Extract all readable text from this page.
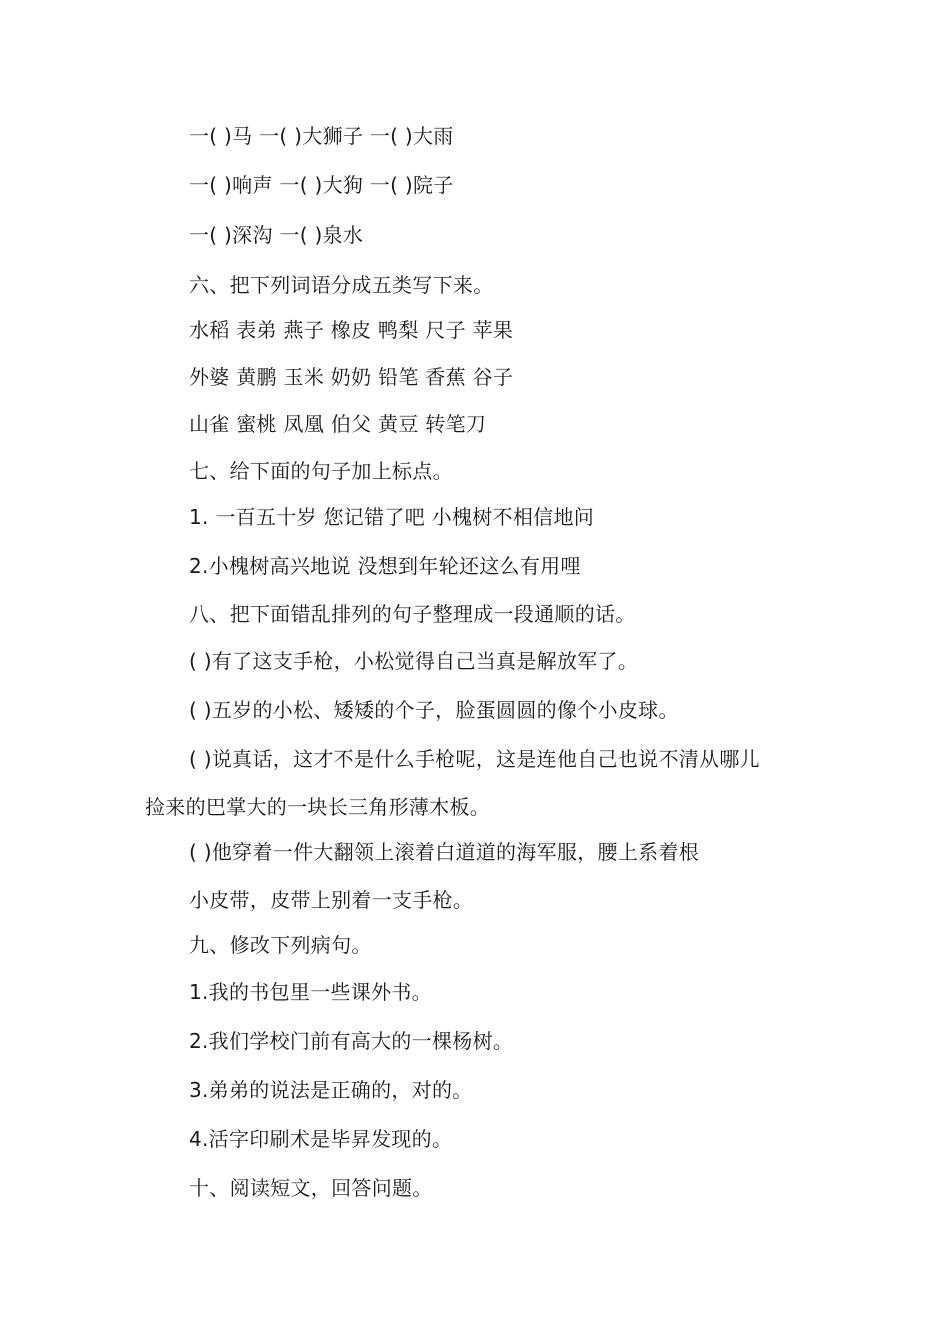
一( )马 一( )大狮子 一( )大雨
一( )响声 一( )大狗 一( )院子
一( )深沟 一( )泉水
六、把下列词语分成五类写下来。
水稻 表弟 燕子 橡皮 鸭梨 尺子 苹果
外婆 黄鹏 玉米 奶奶 铅笔 香蕉 谷子
山雀 蜜桃 凤凰 伯父 黄豆 转笔刀
七、给下面的句子加上标点。
1. 一百五十岁 您记错了吧 小槐树不相信地问
2.小槐树高兴地说 没想到年轮还这么有用哩
八、把下面错乱排列的句子整理成一段通顺的话。
( )有了这支手枪，小松觉得自己当真是解放军了。
( )五岁的小松、矮矮的个子，脸蛋圆圆的像个小皮球。
( )说真话，这才不是什么手枪呢，这是连他自己也说不清从哪儿
捡来的巴掌大的一块长三角形薄木板。
( )他穿着一件大翻领上滚着白道道的海军服，腰上系着根
小皮带，皮带上别着一支手枪。
九、修改下列病句。
1.我的书包里一些课外书。
2.我们学校门前有高大的一棵杨树。
3.弟弟的说法是正确的，对的。
4.活字印刷术是毕昇发现的。
十、阅读短文，回答问题。
